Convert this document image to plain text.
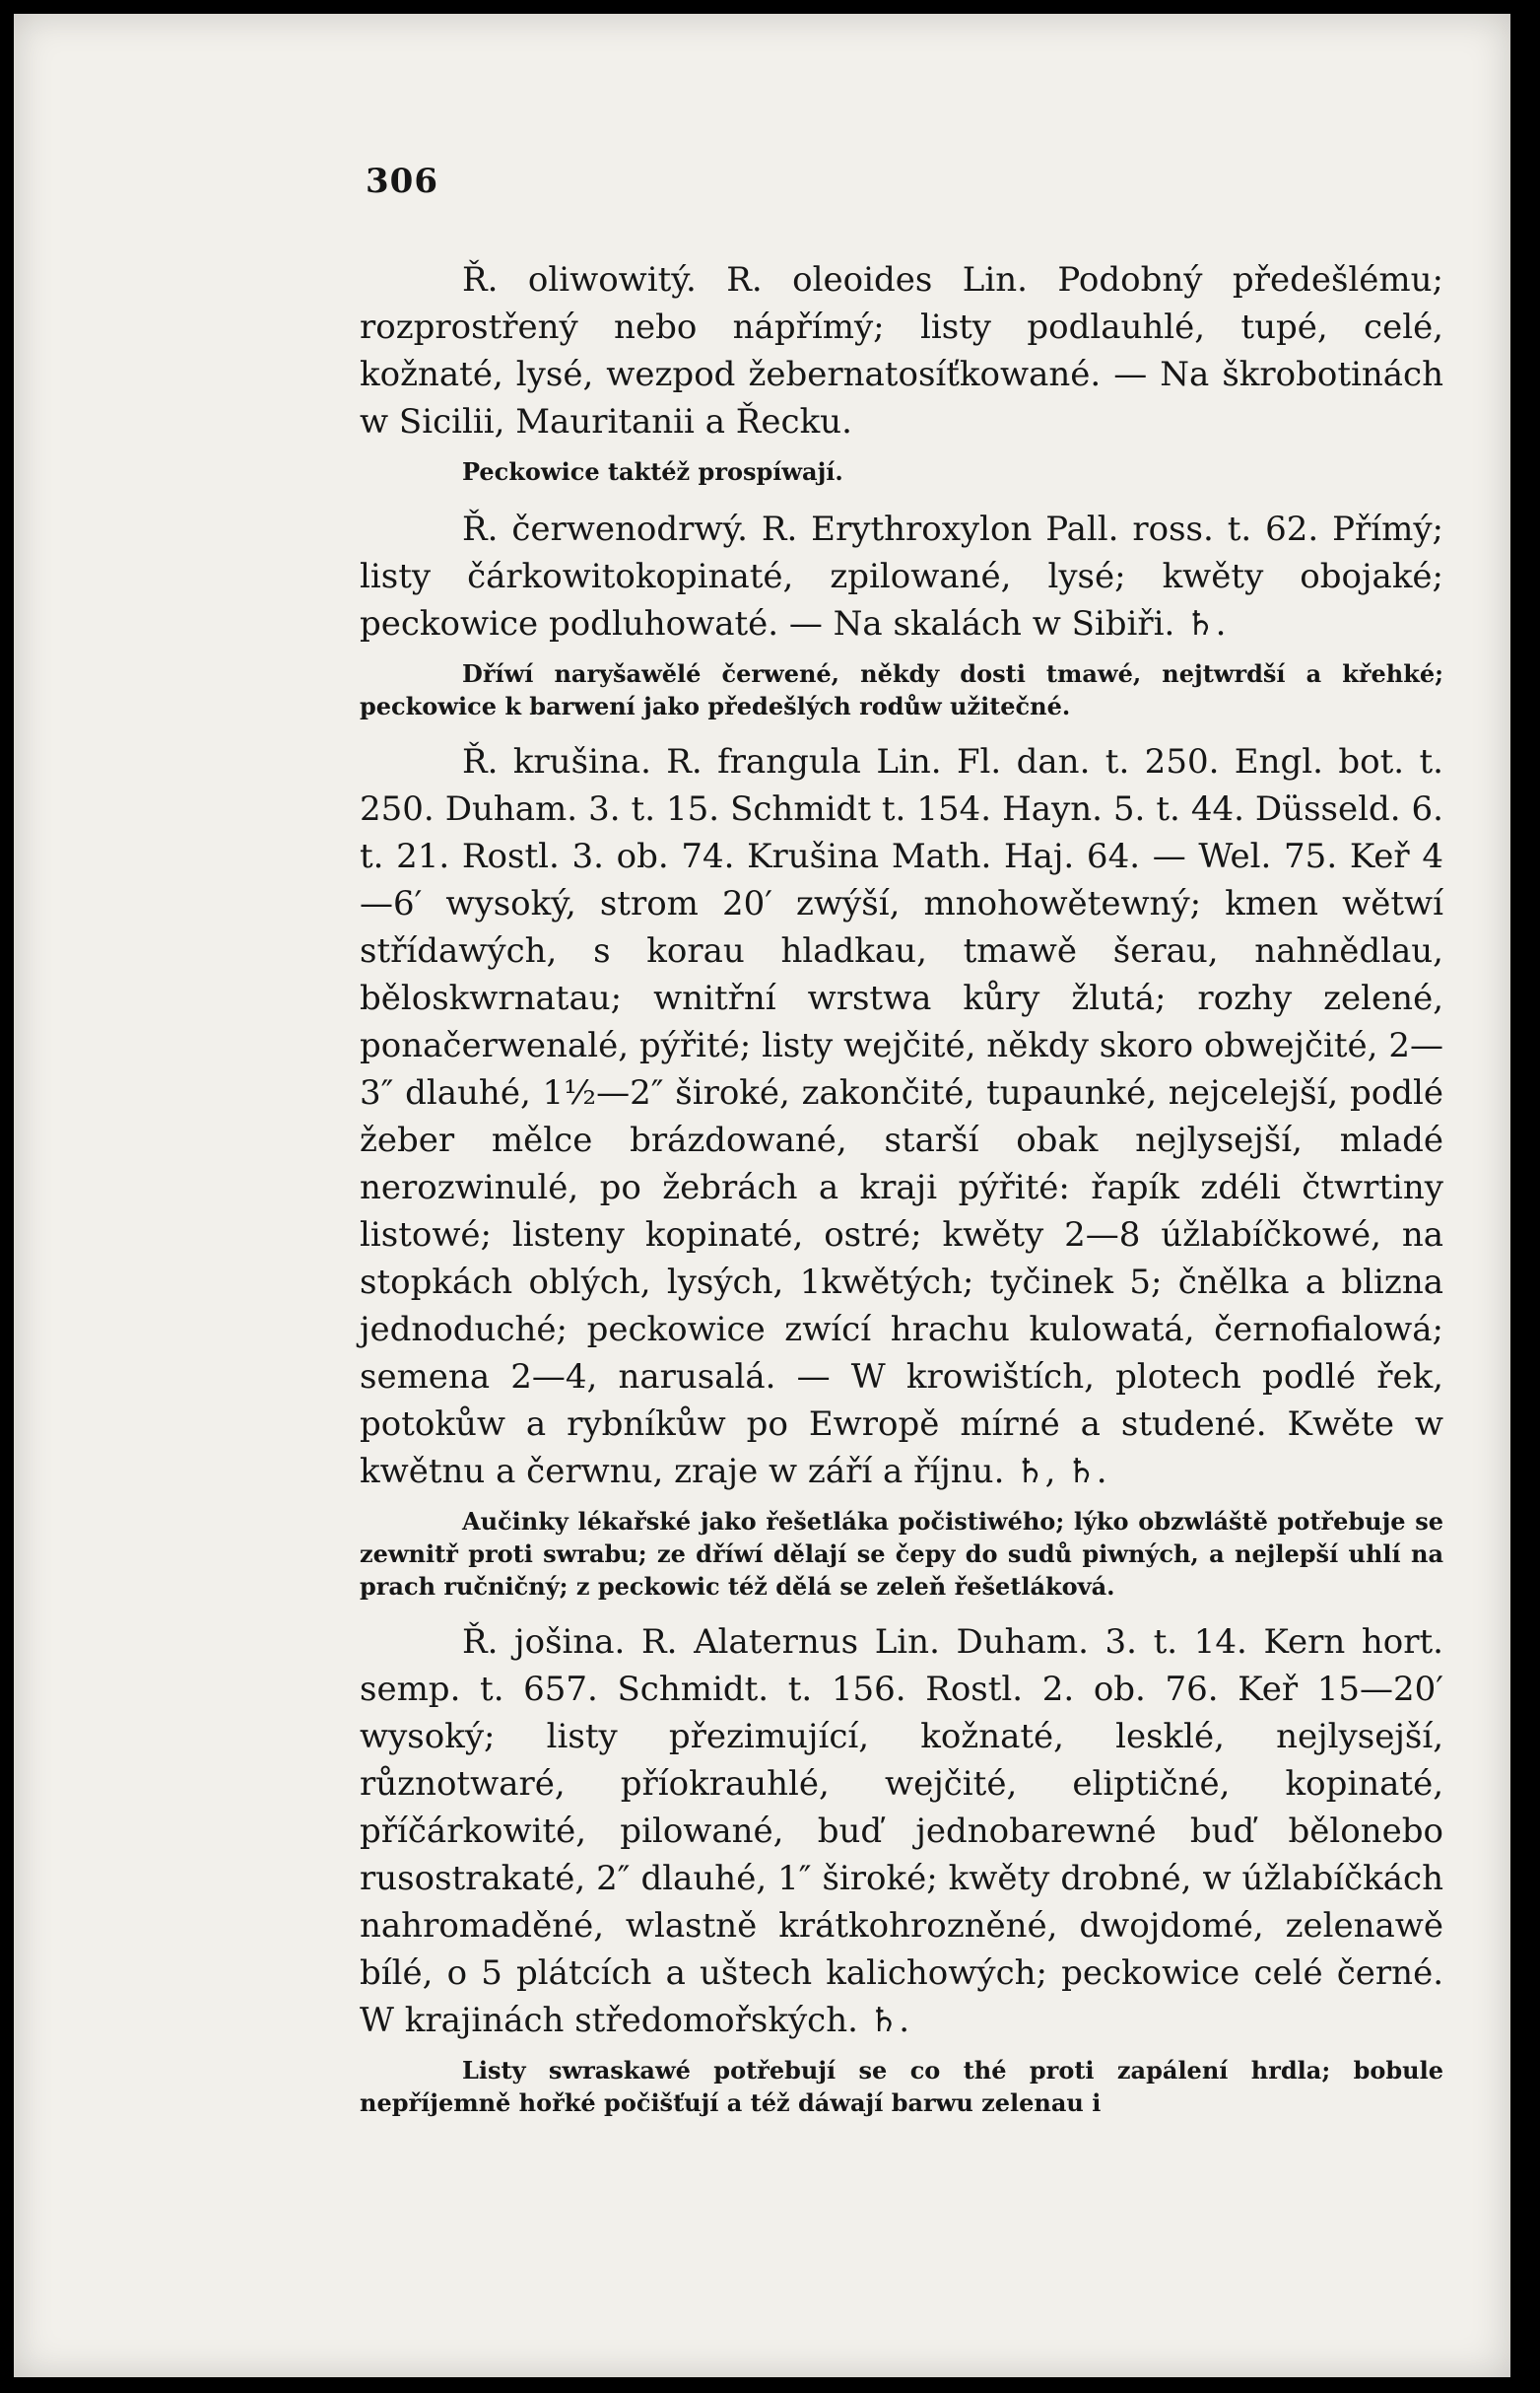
306

Ř. oliwowitý. R. oleoides Lin. Podobný předešlému; rozprostřený nebo nápřímý; listy podlauhlé, tupé, celé, kožnaté, lysé, wezpod žebernatosíťkowané. — Na škrobotinách w Sicilii, Mauritanii a Řecku.

Peckowice taktéž prospíwají.

Ř. čerwenodrwý. R. Erythroxylon Pall. ross. t. 62. Přímý; listy čárkowitokopinaté, zpilowané, lysé; kwěty obojaké; peckowice podluhowaté. — Na skalách w Sibiři. ♄.

Dříwí naryšawělé čerwené, někdy dosti tmawé, nejtwrdší a křehké; peckowice k barwení jako předešlých rodůw užitečné.

Ř. krušina. R. frangula Lin. Fl. dan. t. 250. Engl. bot. t. 250. Duham. 3. t. 15. Schmidt t. 154. Hayn. 5. t. 44. Düsseld. 6. t. 21. Rostl. 3. ob. 74. Krušina Math. Haj. 64. — Wel. 75. Keř 4—6′ wysoký, strom 20′ zwýší, mnohowětewný; kmen wětwí střídawých, s korau hladkau, tmawě šerau, nahnědlau, běloskwrnatau; wnitřní wrstwa kůry žlutá; rozhy zelené, ponačerwenalé, pýřité; listy wejčité, někdy skoro obwejčité, 2—3″ dlauhé, 1½—2″ široké, zakončité, tupaunké, nejcelejší, podlé žeber mělce brázdowané, starší obak nejlysejší, mladé nerozwinulé, po žebrách a kraji pýřité: řapík zdéli čtwrtiny listowé; listeny kopinaté, ostré; kwěty 2—8 úžlabíčkowé, na stopkách oblých, lysých, 1kwětých; tyčinek 5; čnělka a blizna jednoduché; peckowice zwící hrachu kulowatá, černofialowá; semena 2—4, narusalá. — W krowištích, plotech podlé řek, potokůw a rybníkůw po Ewropě mírné a studené. Kwěte w kwětnu a čerwnu, zraje w září a říjnu. ♄, ♄.

Aučinky lékařské jako řešetláka počistiwého; lýko obzwláště potřebuje se zewnitř proti swrabu; ze dříwí dělají se čepy do sudů piwných, a nejlepší uhlí na prach ručničný; z peckowic též dělá se zeleň řešetláková.

Ř. jošina. R. Alaternus Lin. Duham. 3. t. 14. Kern hort. semp. t. 657. Schmidt. t. 156. Rostl. 2. ob. 76. Keř 15—20′ wysoký; listy přezimující, kožnaté, lesklé, nejlysejší, různotwaré, příokrauhlé, wejčité, eliptičné, kopinaté, příčárkowité, pilowané, buď jednobarewné buď bělonebo rusostrakaté, 2″ dlauhé, 1″ široké; kwěty drobné, w úžlabíčkách nahromaděné, wlastně krátkohrozněné, dwojdomé, zelenawě bílé, o 5 plátcích a uštech kalichowých; peckowice celé černé. W krajinách středomořských. ♄.

Listy swraskawé potřebují se co thé proti zapálení hrdla; bobule nepříjemně hořké počišťují a též dáwají barwu zelenau i
